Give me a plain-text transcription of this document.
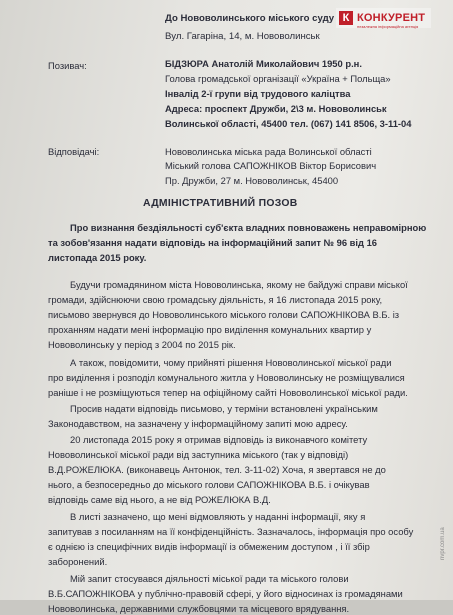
К КОНКУРЕНТ
незалежна інформаційна агенція
До Нововолинського міського суду
Вул. Гагаріна, 14, м. Нововолинськ
Позивач:	БІДЗЮРА Анатолій Миколайович 1950 р.н.
Голова громадської організації «Україна + Польща»
Інвалід 2-ї групи від трудового каліцтва
Адреса: проспект Дружби, 2\3 м. Нововолинськ
Волинської області, 45400 тел. (067) 141 8506, 3-11-04
Відповідачі:	Нововолинська міська рада Волинської області
Міський голова САПОЖНІКОВ Віктор Борисович
Пр. Дружби, 27 м. Нововолинськ, 45400
АДМІНІСТРАТИВНИЙ ПОЗОВ
Про визнання бездіяльності суб'єкта владних повноважень неправомірною
та зобов'язання надати відповідь на інформаційний запит № 96 від 16
листопада 2015 року.
Будучи громадянином міста Нововолинська, якому не байдужі справи міської
громади, здійснюючи свою громадську діяльність, я 16 листопада 2015 року,
письмово звернувся до Нововолинського міського голови САПОЖНІКОВА В.Б. із
проханням надати мені інформацію про виділення комунальних квартир у
Нововолинську у період з 2004 по 2015 рік.
А також, повідомити, чому прийняті рішення Нововолинської міської ради
про виділення і розподіл комунального житла у Нововолинську не розміщувалися
раніше і не розміщуються тепер на офіційному сайті Нововолинської міської ради.
Просив надати відповідь письмово, у терміни встановлені українським
Законодавством, на зазначену у інформаційному запиті мою адресу.
20 листопада 2015 року я отримав відповідь із виконавчого комітету
Нововолинської міської ради від заступника міського (так у відповіді)
В.Д.РОЖЕЛЮКА. (виконавець Антонюк, тел. 3-11-02) Хоча, я звертався не до
нього, а безпосередньо до міського голови САПОЖНІКОВА В.Б. і очікував
відповідь саме від нього, а не від РОЖЕЛЮКА В.Д.
В листі зазначено, що мені відмовляють у наданні інформації, яку я
запитував з посиланням на її конфіденційність. Зазначалось, інформація про особу
є однією із специфічних видів інформації із обмеженим доступом , і її збір
заборонений.
Мій запит стосувався діяльності міської ради та міського голови
В.Б.САПОЖНІКОВА у публічно-правовій сфері, у його відносинах із громадянами
Нововолинська, державними службовцями та місцевого врядування.
nvpr.com.ua
